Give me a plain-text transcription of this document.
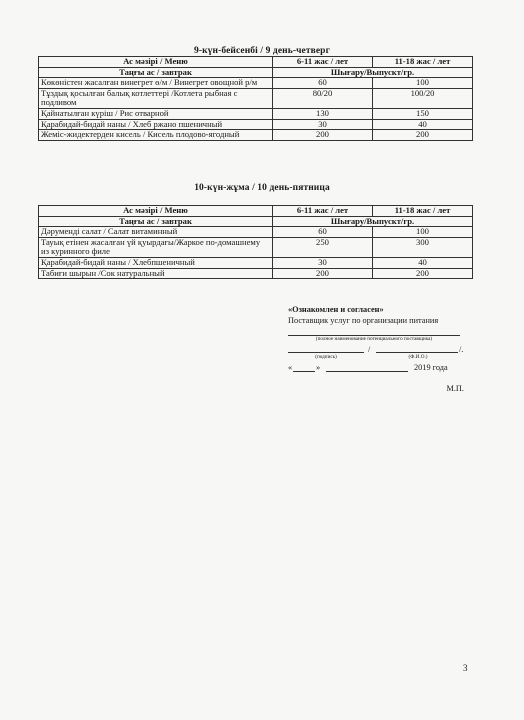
9-күн-бейсенбі / 9 день-четверг
Ас мәзірі / Меню	6-11 жас / лет	11-18 жас / лет
Таңғы ас / завтрак	Шығару/Выпускт/гр.	
Көкөністен жасалған винегрет ө/м / Винегрет овощной р/м	60	100
Тұздық қосылған балық котлеттері /Котлета рыбная с подливом	80/20	100/20
Қайнатылған күріш / Рис отварной	130	150
Қарабидай-бидай наны / Хлеб ржано пшеничный	30	40
Жеміс-жидектерден кисель / Кисель плодово-ягодный	200	200
10-күн-жұма / 10 день-пятница
Ас мәзірі / Меню	6-11 жас / лет	11-18 жас / лет
Таңғы ас / завтрак	Шығару/Выпускт/гр.	
Дәруменді салат / Салат витаминный	60	100
Тауық етінен жасалған үй қуырдағы/Жаркое по-домашнему из куринного филе	250	300
Қарабидай-бидай наны / Хлебпшеничный	30	40
Табиғи шырын /Сок натуральный	200	200
«Ознакомлен и согласен»
Поставщик услуг по организации питания
(полное наименование потенциального поставщика)
/	/.
(подпись)	(Ф.И.О.)
«	»	2019 года
М.П.
3
